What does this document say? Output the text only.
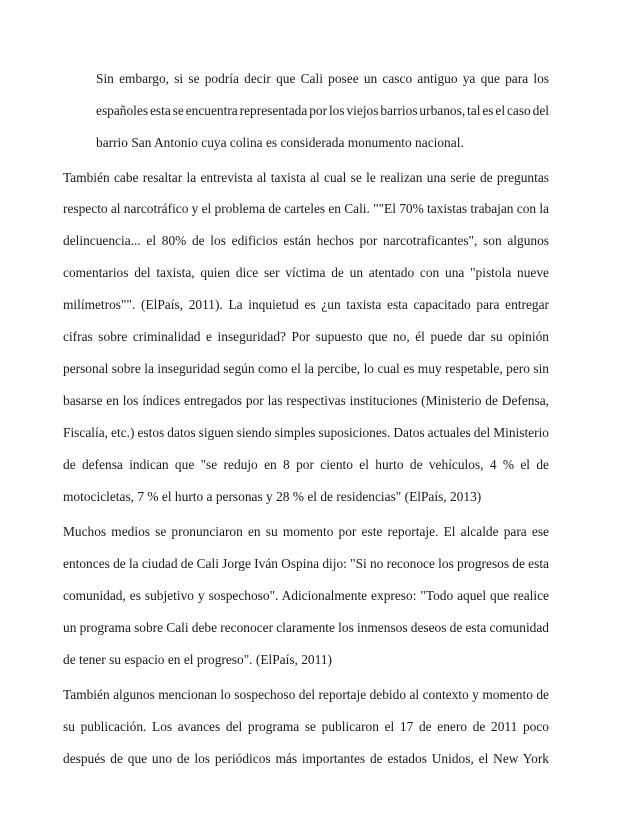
Sin embargo, si se podría decir que Cali posee un casco antiguo ya que para los
españoles esta se encuentra representada por los viejos barrios urbanos, tal es el caso del
barrio San Antonio cuya colina es considerada monumento nacional.
También cabe resaltar la entrevista al taxista al cual se le realizan una serie de preguntas
respecto al narcotráfico y el problema de carteles en Cali. ""El 70% taxistas trabajan con la
delincuencia... el 80% de los edificios están hechos por narcotraficantes", son algunos
comentarios del taxista, quien dice ser víctima de un atentado con una "pistola nueve
milímetros"". (ElPaís, 2011). La inquietud es ¿un taxista esta capacitado para entregar
cifras sobre criminalidad e inseguridad? Por supuesto que no, él puede dar su opinión
personal sobre la inseguridad según como el la percibe, lo cual es muy respetable, pero sin
basarse en los índices entregados por las respectivas instituciones (Ministerio de Defensa,
Fiscalía, etc.) estos datos siguen siendo simples suposiciones. Datos actuales del Ministerio
de defensa indican que "se redujo en 8 por ciento el hurto de vehículos, 4 % el de
motocicletas, 7 % el hurto a personas y 28 % el de residencias" (ElPaís, 2013)
Muchos medios se pronunciaron en su momento por este reportaje. El alcalde para ese
entonces de la ciudad de Cali Jorge Iván Ospina dijo: "Si no reconoce los progresos de esta
comunidad, es subjetivo y sospechoso". Adicionalmente expreso: "Todo aquel que realice
un programa sobre Cali debe reconocer claramente los inmensos deseos de esta comunidad
de tener su espacio en el progreso". (ElPaís, 2011)
También algunos mencionan lo sospechoso del reportaje debido al contexto y momento de
su publicación. Los avances del programa se publicaron el 17 de enero de 2011 poco
después de que uno de los periódicos más importantes de estados Unidos, el New York
